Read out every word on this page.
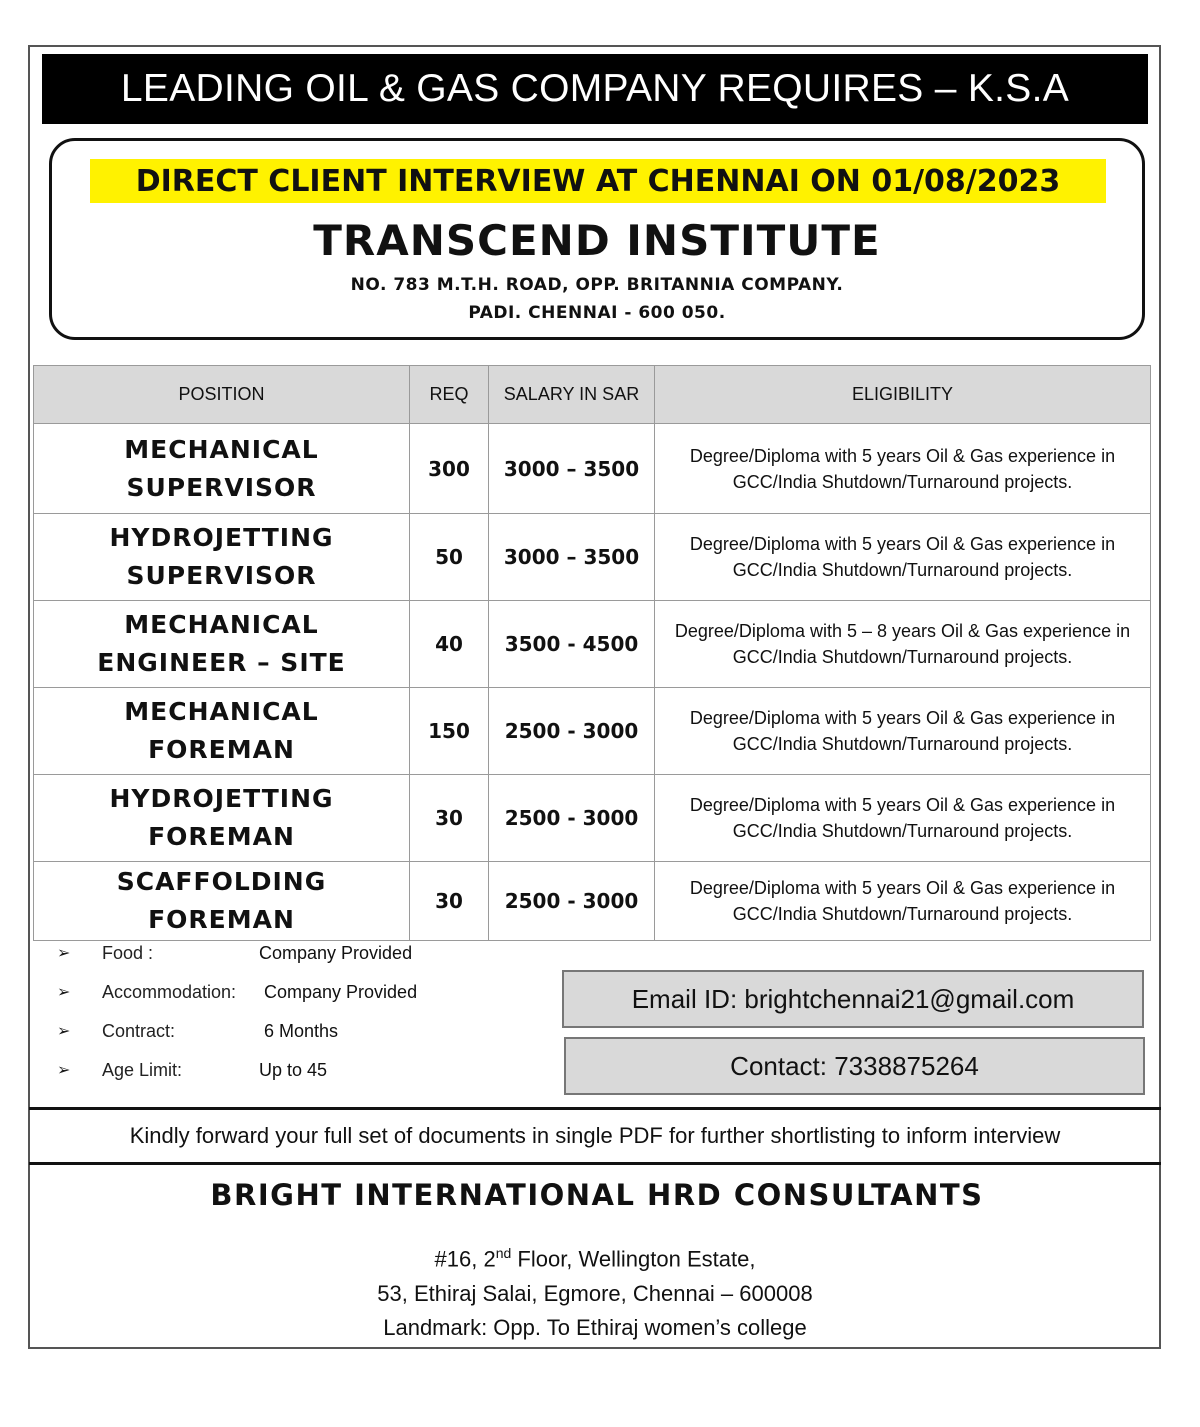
LEADING OIL & GAS COMPANY REQUIRES – K.S.A
DIRECT CLIENT INTERVIEW AT CHENNAI ON 01/08/2023
TRANSCEND INSTITUTE
NO. 783 M.T.H. ROAD, OPP. BRITANNIA COMPANY.
PADI. CHENNAI - 600 050.
POSITION	REQ	SALARY IN SAR	ELIGIBILITY

MECHANICAL
SUPERVISOR	300	3000 – 3500	Degree/Diploma with 5 years Oil & Gas experience in GCC/India Shutdown/Turnaround projects.

HYDROJETTING
SUPERVISOR	50	3000 – 3500	Degree/Diploma with 5 years Oil & Gas experience in GCC/India Shutdown/Turnaround projects.

MECHANICAL
ENGINEER – SITE	40	3500 - 4500	Degree/Diploma with 5 – 8 years Oil & Gas experience in GCC/India Shutdown/Turnaround projects.

MECHANICAL
FOREMAN	150	2500 - 3000	Degree/Diploma with 5 years Oil & Gas experience in GCC/India Shutdown/Turnaround projects.

HYDROJETTING
FOREMAN	30	2500 - 3000	Degree/Diploma with 5 years Oil & Gas experience in GCC/India Shutdown/Turnaround projects.

SCAFFOLDING
FOREMAN	30	2500 - 3000	Degree/Diploma with 5 years Oil & Gas experience in GCC/India Shutdown/Turnaround projects.
➢ Food :	Company Provided
➢ Accommodation: Company Provided
➢ Contract:	6 Months
➢ Age Limit:	Up to 45
Email ID: brightchennai21@gmail.com
Contact: 7338875264
Kindly forward your full set of documents in single PDF for further shortlisting to inform interview
BRIGHT INTERNATIONAL HRD CONSULTANTS
#16, 2nd Floor, Wellington Estate,
53, Ethiraj Salai, Egmore, Chennai – 600008
Landmark: Opp. To Ethiraj women’s college
